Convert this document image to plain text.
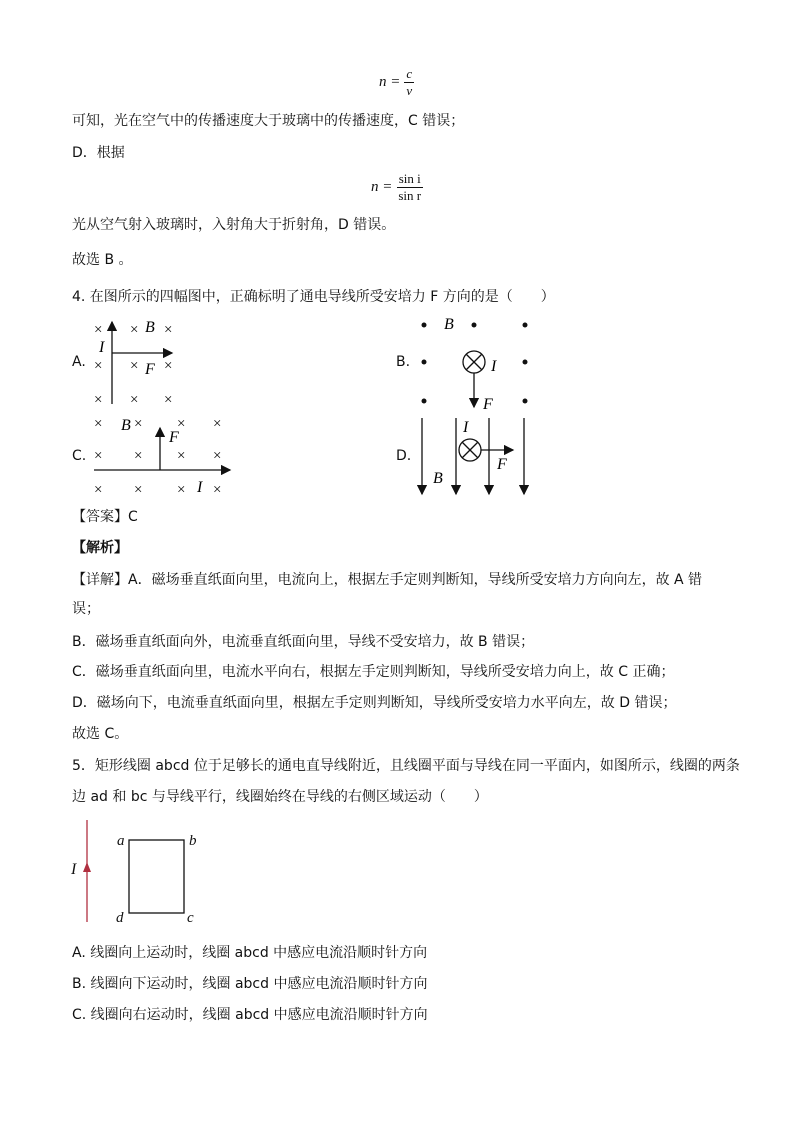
$n = \frac{c}{v}$
可知，光在空气中的传播速度大于玻璃中的传播速度，C 错误；
D．根据
$n = \frac{\text{sin i}}{\text{sin r}}$
光从空气射入玻璃时，入射角大于折射角，D 错误。
故选 B 。
4. 在图所示的四幅图中，正确标明了通电导线所受安培力 F 方向的是（　　）
A.	B.
C.	D.
× × ×
× × ×
× × ×
B
I
F
B
I
F
× × × ×
× × × ×
× × × ×
B
F
I
I
F
B
【答案】C
【解析】
【详解】A．磁场垂直纸面向里，电流向上，根据左手定则判断知，导线所受安培力方向向左，故 A 错
误；
B．磁场垂直纸面向外，电流垂直纸面向里，导线不受安培力，故 B 错误；
C．磁场垂直纸面向里，电流水平向右，根据左手定则判断知，导线所受安培力向上，故 C 正确；
D．磁场向下，电流垂直纸面向里，根据左手定则判断知，导线所受安培力水平向左，故 D 错误；
故选 C。
5．矩形线圈 abcd 位于足够长的通电直导线附近，且线圈平面与导线在同一平面内，如图所示，线圈的两条
边 ad 和 bc 与导线平行，线圈始终在导线的右侧区域运动（　　）
I
a	b
c
d
A. 线圈向上运动时，线圈 abcd 中感应电流沿顺时针方向
B. 线圈向下运动时，线圈 abcd 中感应电流沿顺时针方向
C. 线圈向右运动时，线圈 abcd 中感应电流沿顺时针方向
